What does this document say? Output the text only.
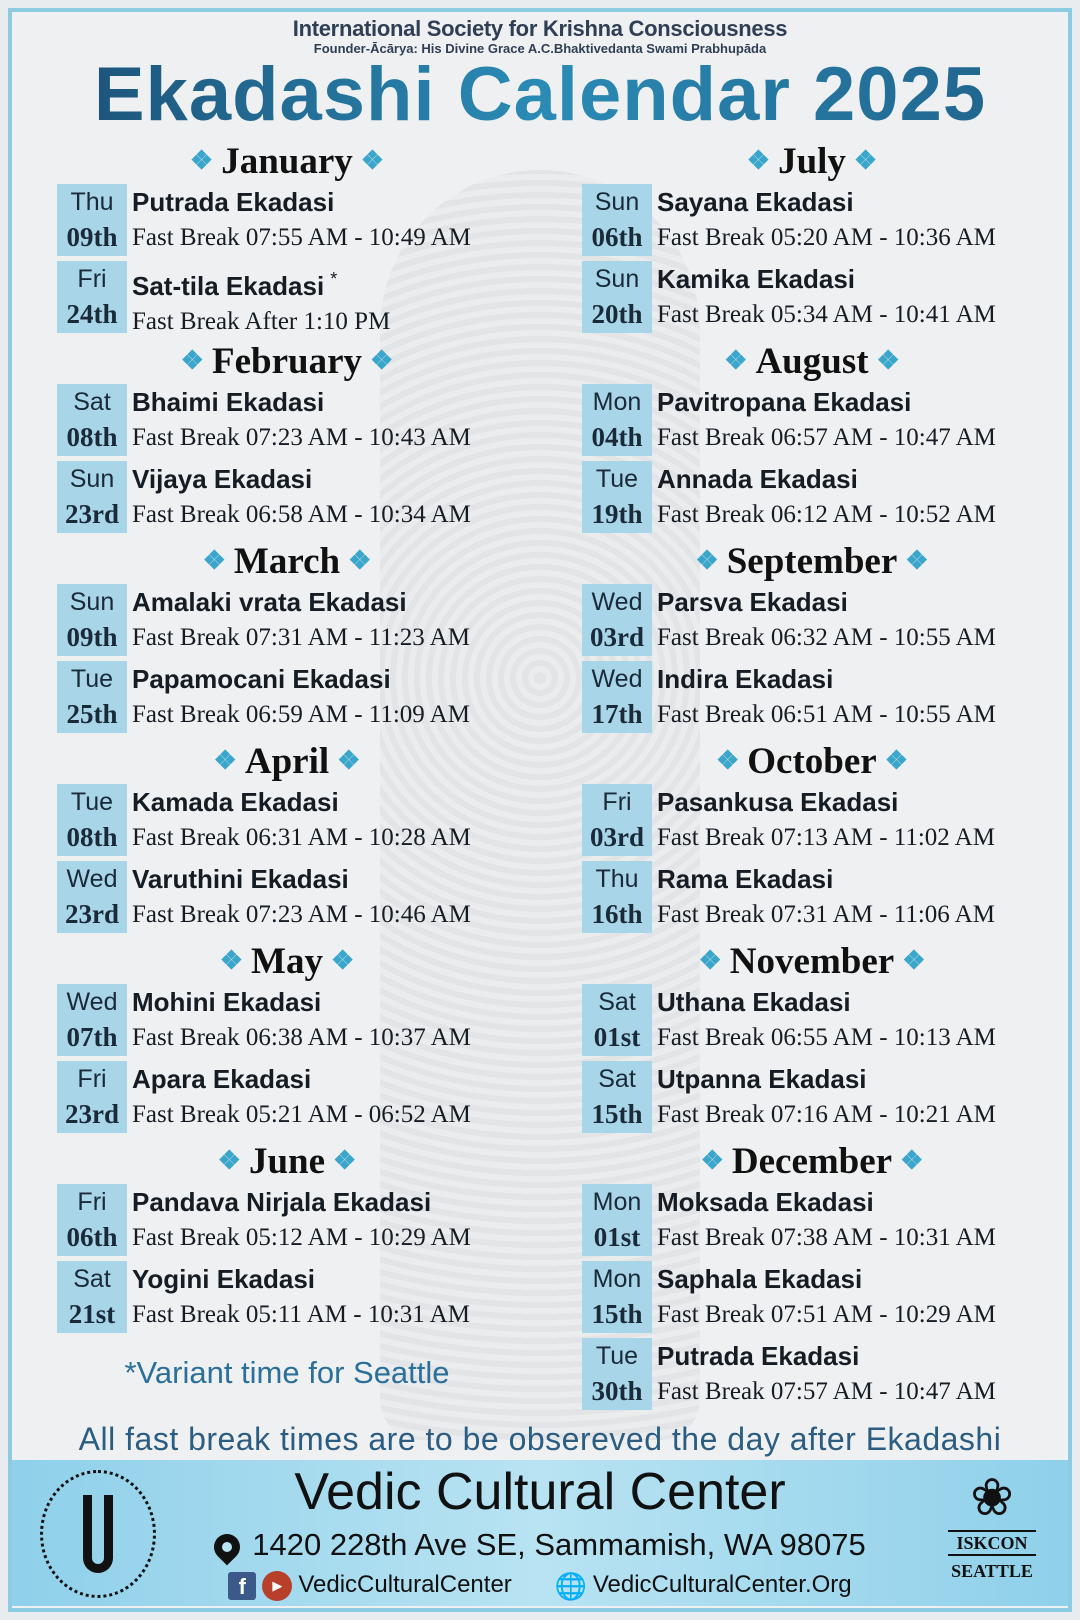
International Society for Krishna Consciousness
Founder-Ācārya: His Divine Grace A.C.Bhaktivedanta Swami Prabhupāda
Ekadashi Calendar 2025
❖ January ❖
Thu
09th
Putrada Ekadasi
Fast Break 07:55 AM - 10:49 AM
Fri
24th
Sat-tila Ekadasi *
Fast Break After 1:10 PM
❖ February ❖
Sat
08th
Bhaimi Ekadasi
Fast Break 07:23 AM - 10:43 AM
Sun
23rd
Vijaya Ekadasi
Fast Break 06:58 AM - 10:34 AM
❖ March ❖
Sun
09th
Amalaki vrata Ekadasi
Fast Break 07:31 AM - 11:23 AM
Tue
25th
Papamocani Ekadasi
Fast Break 06:59 AM - 11:09 AM
❖ April ❖
Tue
08th
Kamada Ekadasi
Fast Break 06:31 AM - 10:28 AM
Wed
23rd
Varuthini Ekadasi
Fast Break 07:23 AM - 10:46 AM
❖ May ❖
Wed
07th
Mohini Ekadasi
Fast Break 06:38 AM - 10:37 AM
Fri
23rd
Apara Ekadasi
Fast Break 05:21 AM - 06:52 AM
❖ June ❖
Fri
06th
Pandava Nirjala Ekadasi
Fast Break 05:12 AM - 10:29 AM
Sat
21st
Yogini Ekadasi
Fast Break 05:11 AM - 10:31 AM
❖ July ❖
Sun
06th
Sayana Ekadasi
Fast Break 05:20 AM - 10:36 AM
Sun
20th
Kamika Ekadasi
Fast Break 05:34 AM - 10:41 AM
❖ August ❖
Mon
04th
Pavitropana Ekadasi
Fast Break 06:57 AM - 10:47 AM
Tue
19th
Annada Ekadasi
Fast Break 06:12 AM - 10:52 AM
❖ September ❖
Wed
03rd
Parsva Ekadasi
Fast Break 06:32 AM - 10:55 AM
Wed
17th
Indira Ekadasi
Fast Break 06:51 AM - 10:55 AM
❖ October ❖
Fri
03rd
Pasankusa Ekadasi
Fast Break 07:13 AM - 11:02 AM
Thu
16th
Rama Ekadasi
Fast Break 07:31 AM - 11:06 AM
❖ November ❖
Sat
01st
Uthana Ekadasi
Fast Break 06:55 AM - 10:13 AM
Sat
15th
Utpanna Ekadasi
Fast Break 07:16 AM - 10:21 AM
❖ December ❖
Mon
01st
Moksada Ekadasi
Fast Break 07:38 AM - 10:31 AM
Mon
15th
Saphala Ekadasi
Fast Break 07:51 AM - 10:29 AM
Tue
30th
Putrada Ekadasi
Fast Break 07:57 AM - 10:47 AM
*Variant time for Seattle
All fast break times are to be obsereved the day after Ekadashi
Vedic Cultural Center
1420 228th Ave SE, Sammamish, WA 98075
f ▶ VedicCulturalCenter 🌐 VedicCulturalCenter.Org
❀
ISKCON
SEATTLE
